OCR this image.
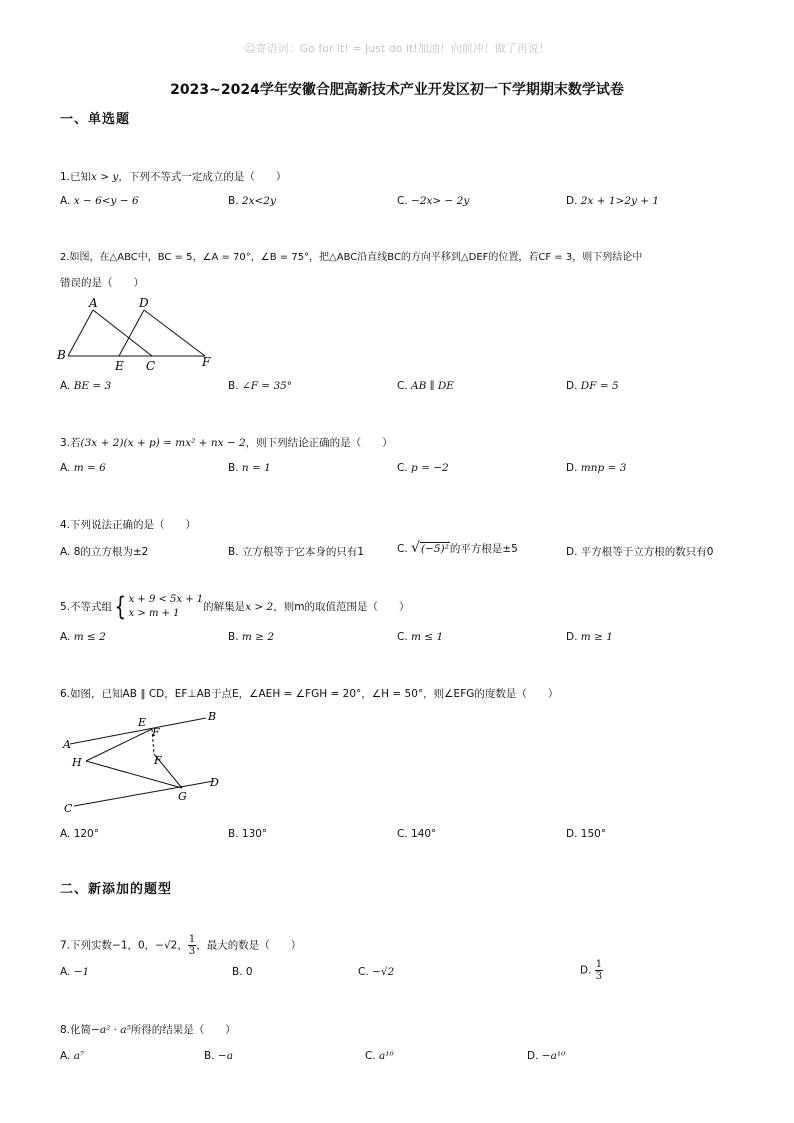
☺寄语词：Go for it! = Just do it!加油！向前冲！做了再说！
2023~2024学年安徽合肥高新技术产业开发区初一下学期期末数学试卷
一、单选题
1.已知x > y，下列不等式一定成立的是（　　）
A. x − 6<y − 6	B. 2x<2y	C. −2x> − 2y	D. 2x + 1>2y + 1
2.如图，在△ABC中，BC = 5，∠A = 70°，∠B = 75°，把△ABC沿直线BC的方向平移到△DEF的位置，若CF = 3，则下列结论中
错误的是（　　）
A	D
B
E C	F
A. BE = 3	B. ∠F = 35°	C. AB ∥ DE	D. DF = 5
3.若(3x + 2)(x + p) = mx² + nx − 2，则下列结论正确的是（　　）
A. m = 6	B. n = 1	C. p = −2	D. mnp = 3
4.下列说法正确的是（　　）
A. 8的立方根为±2	B. 立方根等于它本身的只有1	C. √(−5)²的平方根是±5	D. 平方根等于立方根的数只有0
5.不等式组{ x + 9 < 5x + 1
x > m + 1
的解集是x > 2，则m的取值范围是（　　）
A. m ≤ 2	B. m ≥ 2	C. m ≤ 1	D. m ≥ 1
6.如图，已知AB ∥ CD，EF⊥AB于点E，∠AEH = ∠FGH = 20°，∠H = 50°，则∠EFG的度数是（　　）
A
B
E
F
H	F
D
G
C
A. 120°	B. 130°	C. 140°	D. 150°
二、新添加的题型
7.下列实数−1，0，−√2， $\frac{1}{3}$ ，最大的数是（　　）
A. −1	B. 0	C. −√2	D. $\frac{1}{3}$
8.化简−a² · a⁵所得的结果是（　　）
A. a⁷	B. −a	C. a¹⁰	D. −a¹⁰
